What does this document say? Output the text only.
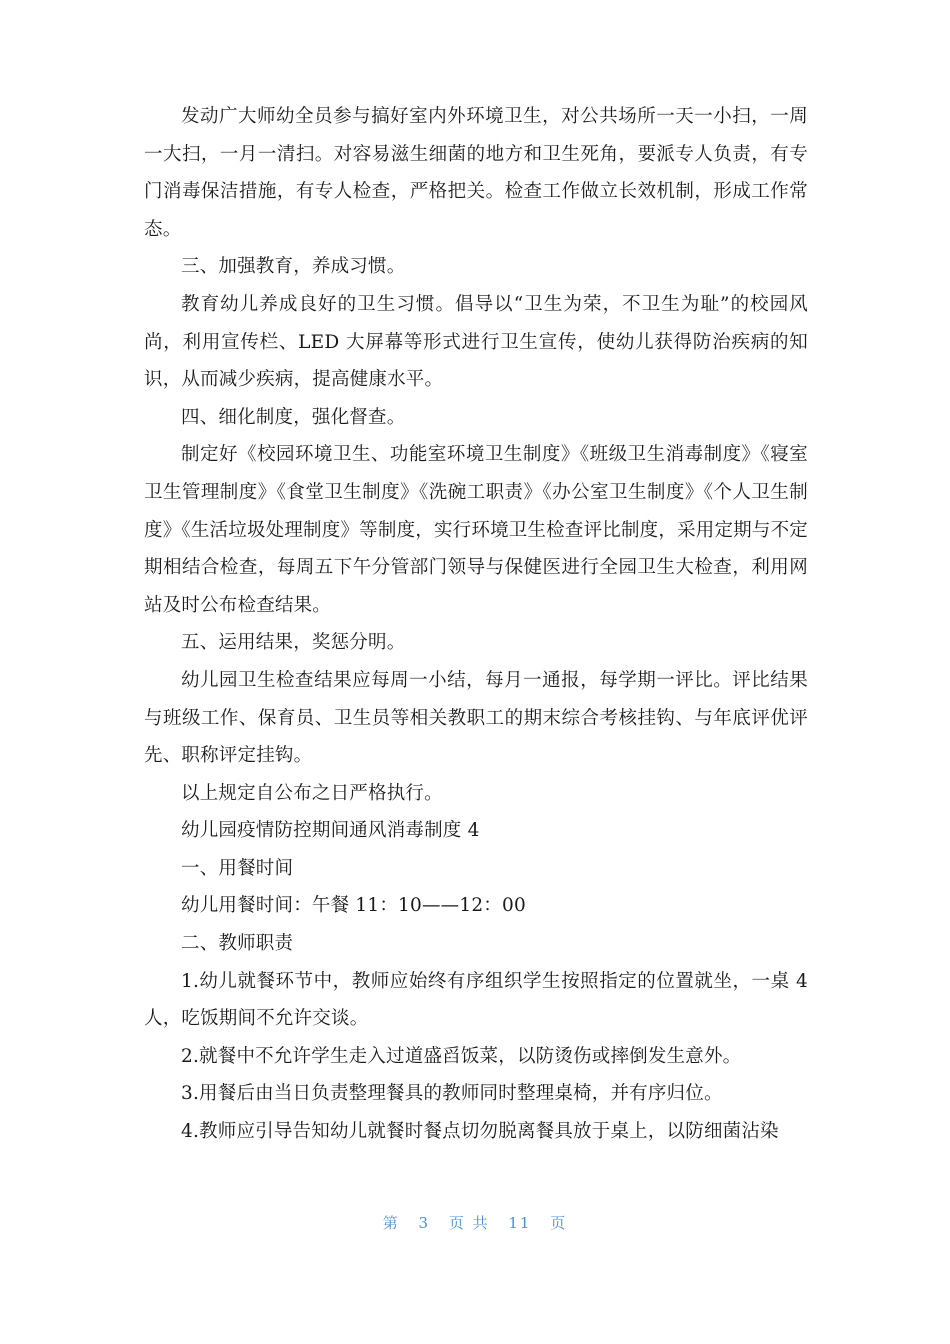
发动广大师幼全员参与搞好室内外环境卫生，对公共场所一天一小扫，一周一大扫，一月一清扫。对容易滋生细菌的地方和卫生死角，要派专人负责，有专门消毒保洁措施，有专人检查，严格把关。检查工作做立长效机制，形成工作常态。

三、加强教育，养成习惯。

教育幼儿养成良好的卫生习惯。倡导以“卫生为荣，不卫生为耻”的校园风尚，利用宣传栏、LED 大屏幕等形式进行卫生宣传，使幼儿获得防治疾病的知识，从而减少疾病，提高健康水平。

四、细化制度，强化督查。

制定好《校园环境卫生、功能室环境卫生制度》《班级卫生消毒制度》《寝室卫生管理制度》《食堂卫生制度》《洗碗工职责》《办公室卫生制度》《个人卫生制度》《生活垃圾处理制度》等制度，实行环境卫生检查评比制度，采用定期与不定期相结合检查，每周五下午分管部门领导与保健医进行全园卫生大检查，利用网站及时公布检查结果。

五、运用结果，奖惩分明。

幼儿园卫生检查结果应每周一小结，每月一通报，每学期一评比。评比结果与班级工作、保育员、卫生员等相关教职工的期末综合考核挂钩、与年底评优评先、职称评定挂钩。

以上规定自公布之日严格执行。

幼儿园疫情防控期间通风消毒制度 4

一、用餐时间

幼儿用餐时间：午餐 11：10——12：00

二、教师职责

1.幼儿就餐环节中，教师应始终有序组织学生按照指定的位置就坐，一桌 4 人，吃饭期间不允许交谈。

2.就餐中不允许学生走入过道盛舀饭菜，以防烫伤或摔倒发生意外。

3.用餐后由当日负责整理餐具的教师同时整理桌椅，并有序归位。

4.教师应引导告知幼儿就餐时餐点切勿脱离餐具放于桌上，以防细菌沾染

第 3 页 共 11 页
